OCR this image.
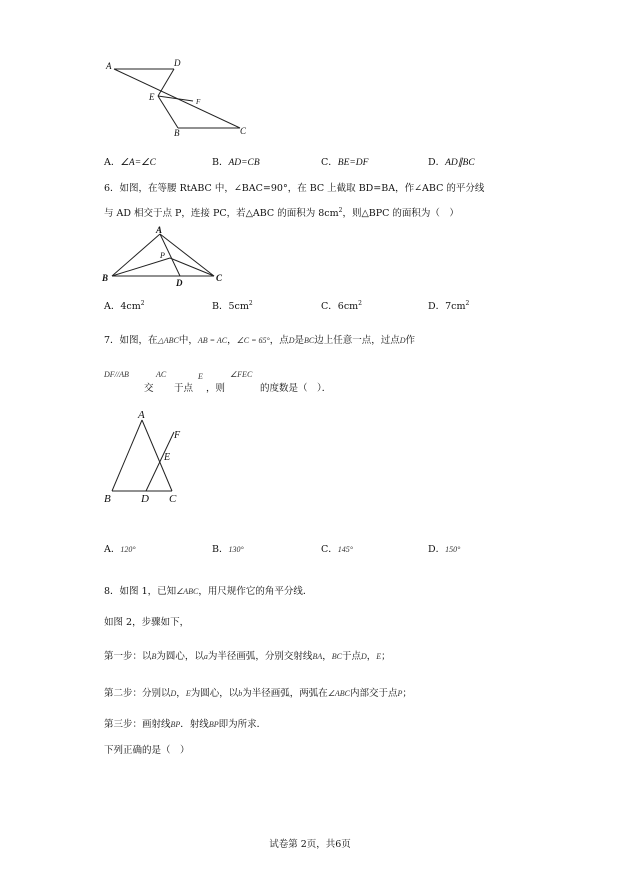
A	D
E	F
B	C
A．∠A=∠C	B．AD=CB	C．BE=DF	D．AD∥BC
6．如图，在等腰 RtABC 中，∠BAC=90°，在 BC 上截取 BD=BA，作∠ABC 的平分线
与 AD 相交于点 P，连接 PC，若△ABC 的面积为 $8cm^2$，则△BPC 的面积为（　）
A
P
B	D	C
A．$4cm^2$	B．$5cm^2$	C．$6cm^2$	D．$7cm^2$
7．如图，在△ABC中，AB = AC，∠C = 65°，点D是BC边上任意一点，过点D作
DF//AB
交
AC
于点
E
，则
∠FEC
的度数是（　）．
A
F
E
B	D C
A．120°	B．130°	C．145°	D．150°
8．如图 1，已知∠ABC，用尺规作它的角平分线．
如图 2，步骤如下，
第一步：以B为圆心，以a为半径画弧，分别交射线BA，BC于点D，E；
第二步：分别以D，E为圆心，以b为半径画弧，两弧在∠ABC内部交于点P；
第三步：画射线BP．射线BP即为所求．
下列正确的是（　）
试卷第 2页，共6页
